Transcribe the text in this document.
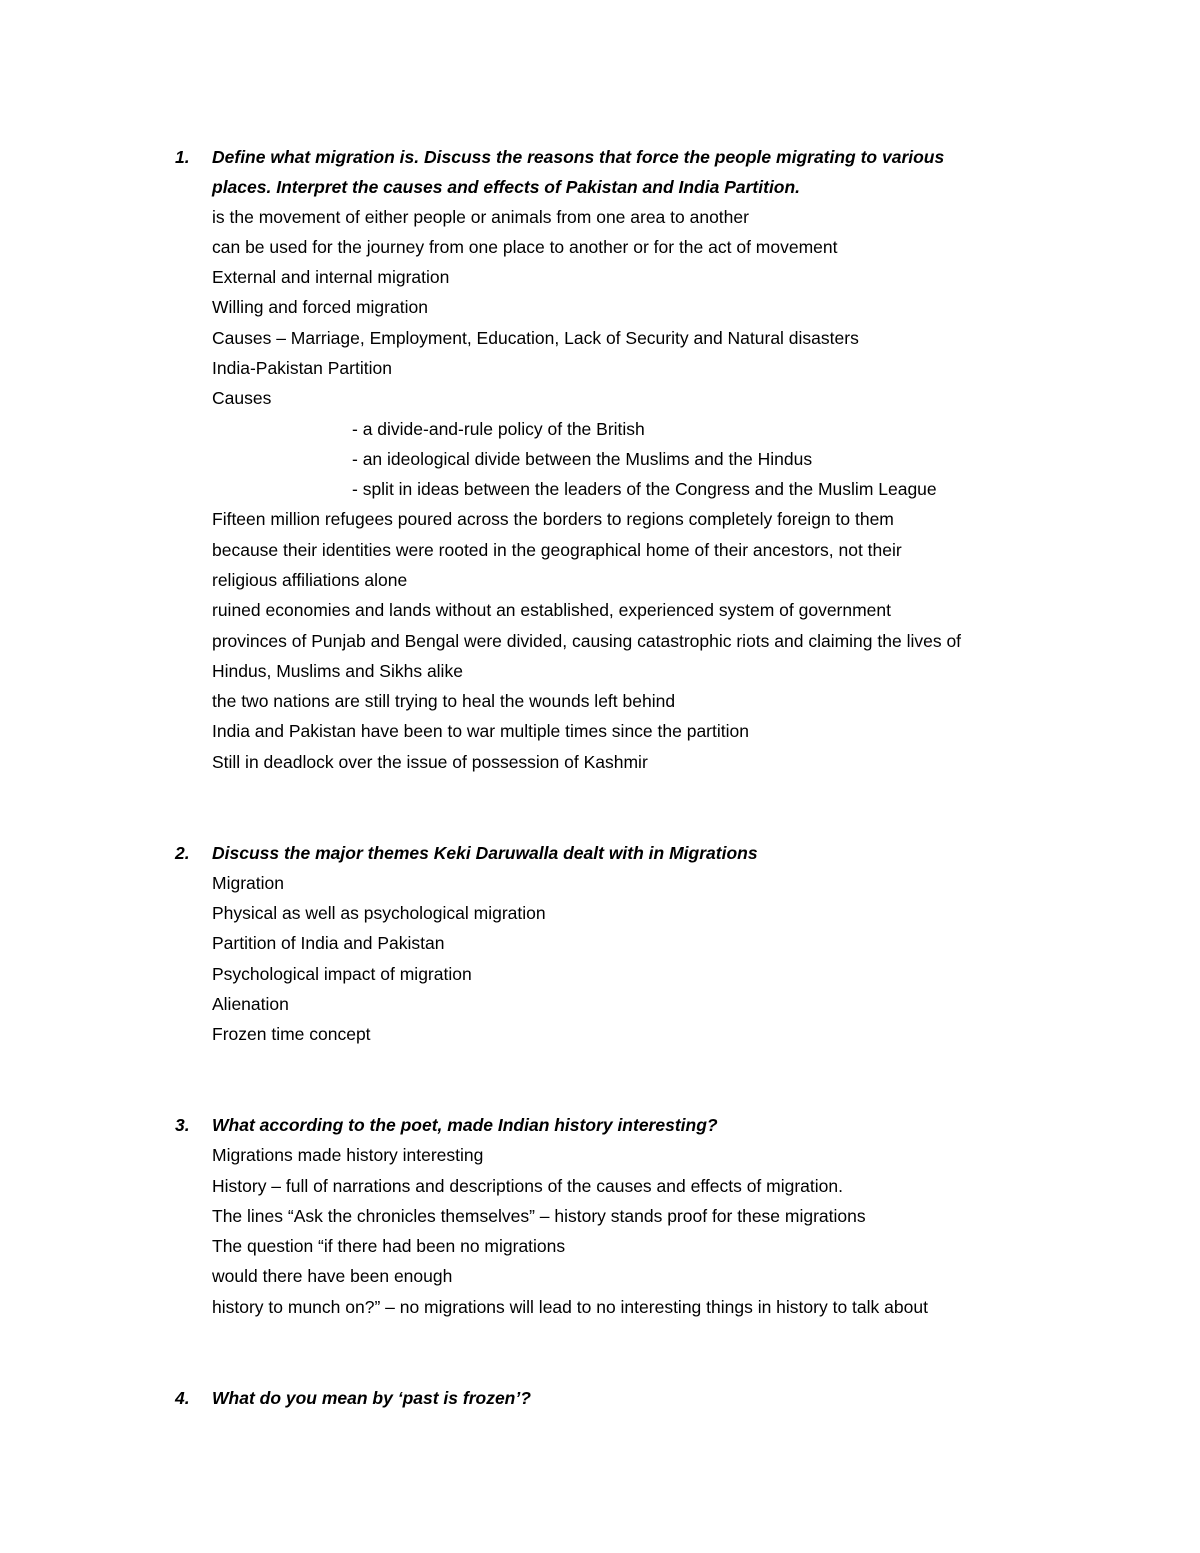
1. Define what migration is. Discuss the reasons that force the people migrating to various
places. Interpret the causes and effects of Pakistan and India Partition.
is the movement of either people or animals from one area to another
can be used for the journey from one place to another or for the act of movement
External and internal migration
Willing and forced migration
Causes – Marriage, Employment, Education, Lack of Security and Natural disasters
India-Pakistan Partition
Causes
- a divide-and-rule policy of the British
- an ideological divide between the Muslims and the Hindus
- split in ideas between the leaders of the Congress and the Muslim League
Fifteen million refugees poured across the borders to regions completely foreign to them
because their identities were rooted in the geographical home of their ancestors, not their
religious affiliations alone
ruined economies and lands without an established, experienced system of government
provinces of Punjab and Bengal were divided, causing catastrophic riots and claiming the lives of
Hindus, Muslims and Sikhs alike
the two nations are still trying to heal the wounds left behind
India and Pakistan have been to war multiple times since the partition
Still in deadlock over the issue of possession of Kashmir
2. Discuss the major themes Keki Daruwalla dealt with in Migrations
Migration
Physical as well as psychological migration
Partition of India and Pakistan
Psychological impact of migration
Alienation
Frozen time concept
3. What according to the poet, made Indian history interesting?
Migrations made history interesting
History – full of narrations and descriptions of the causes and effects of migration.
The lines “Ask the chronicles themselves” – history stands proof for these migrations
The question “if there had been no migrations
would there have been enough
history to munch on?” – no migrations will lead to no interesting things in history to talk about
4. What do you mean by ‘past is frozen’?
